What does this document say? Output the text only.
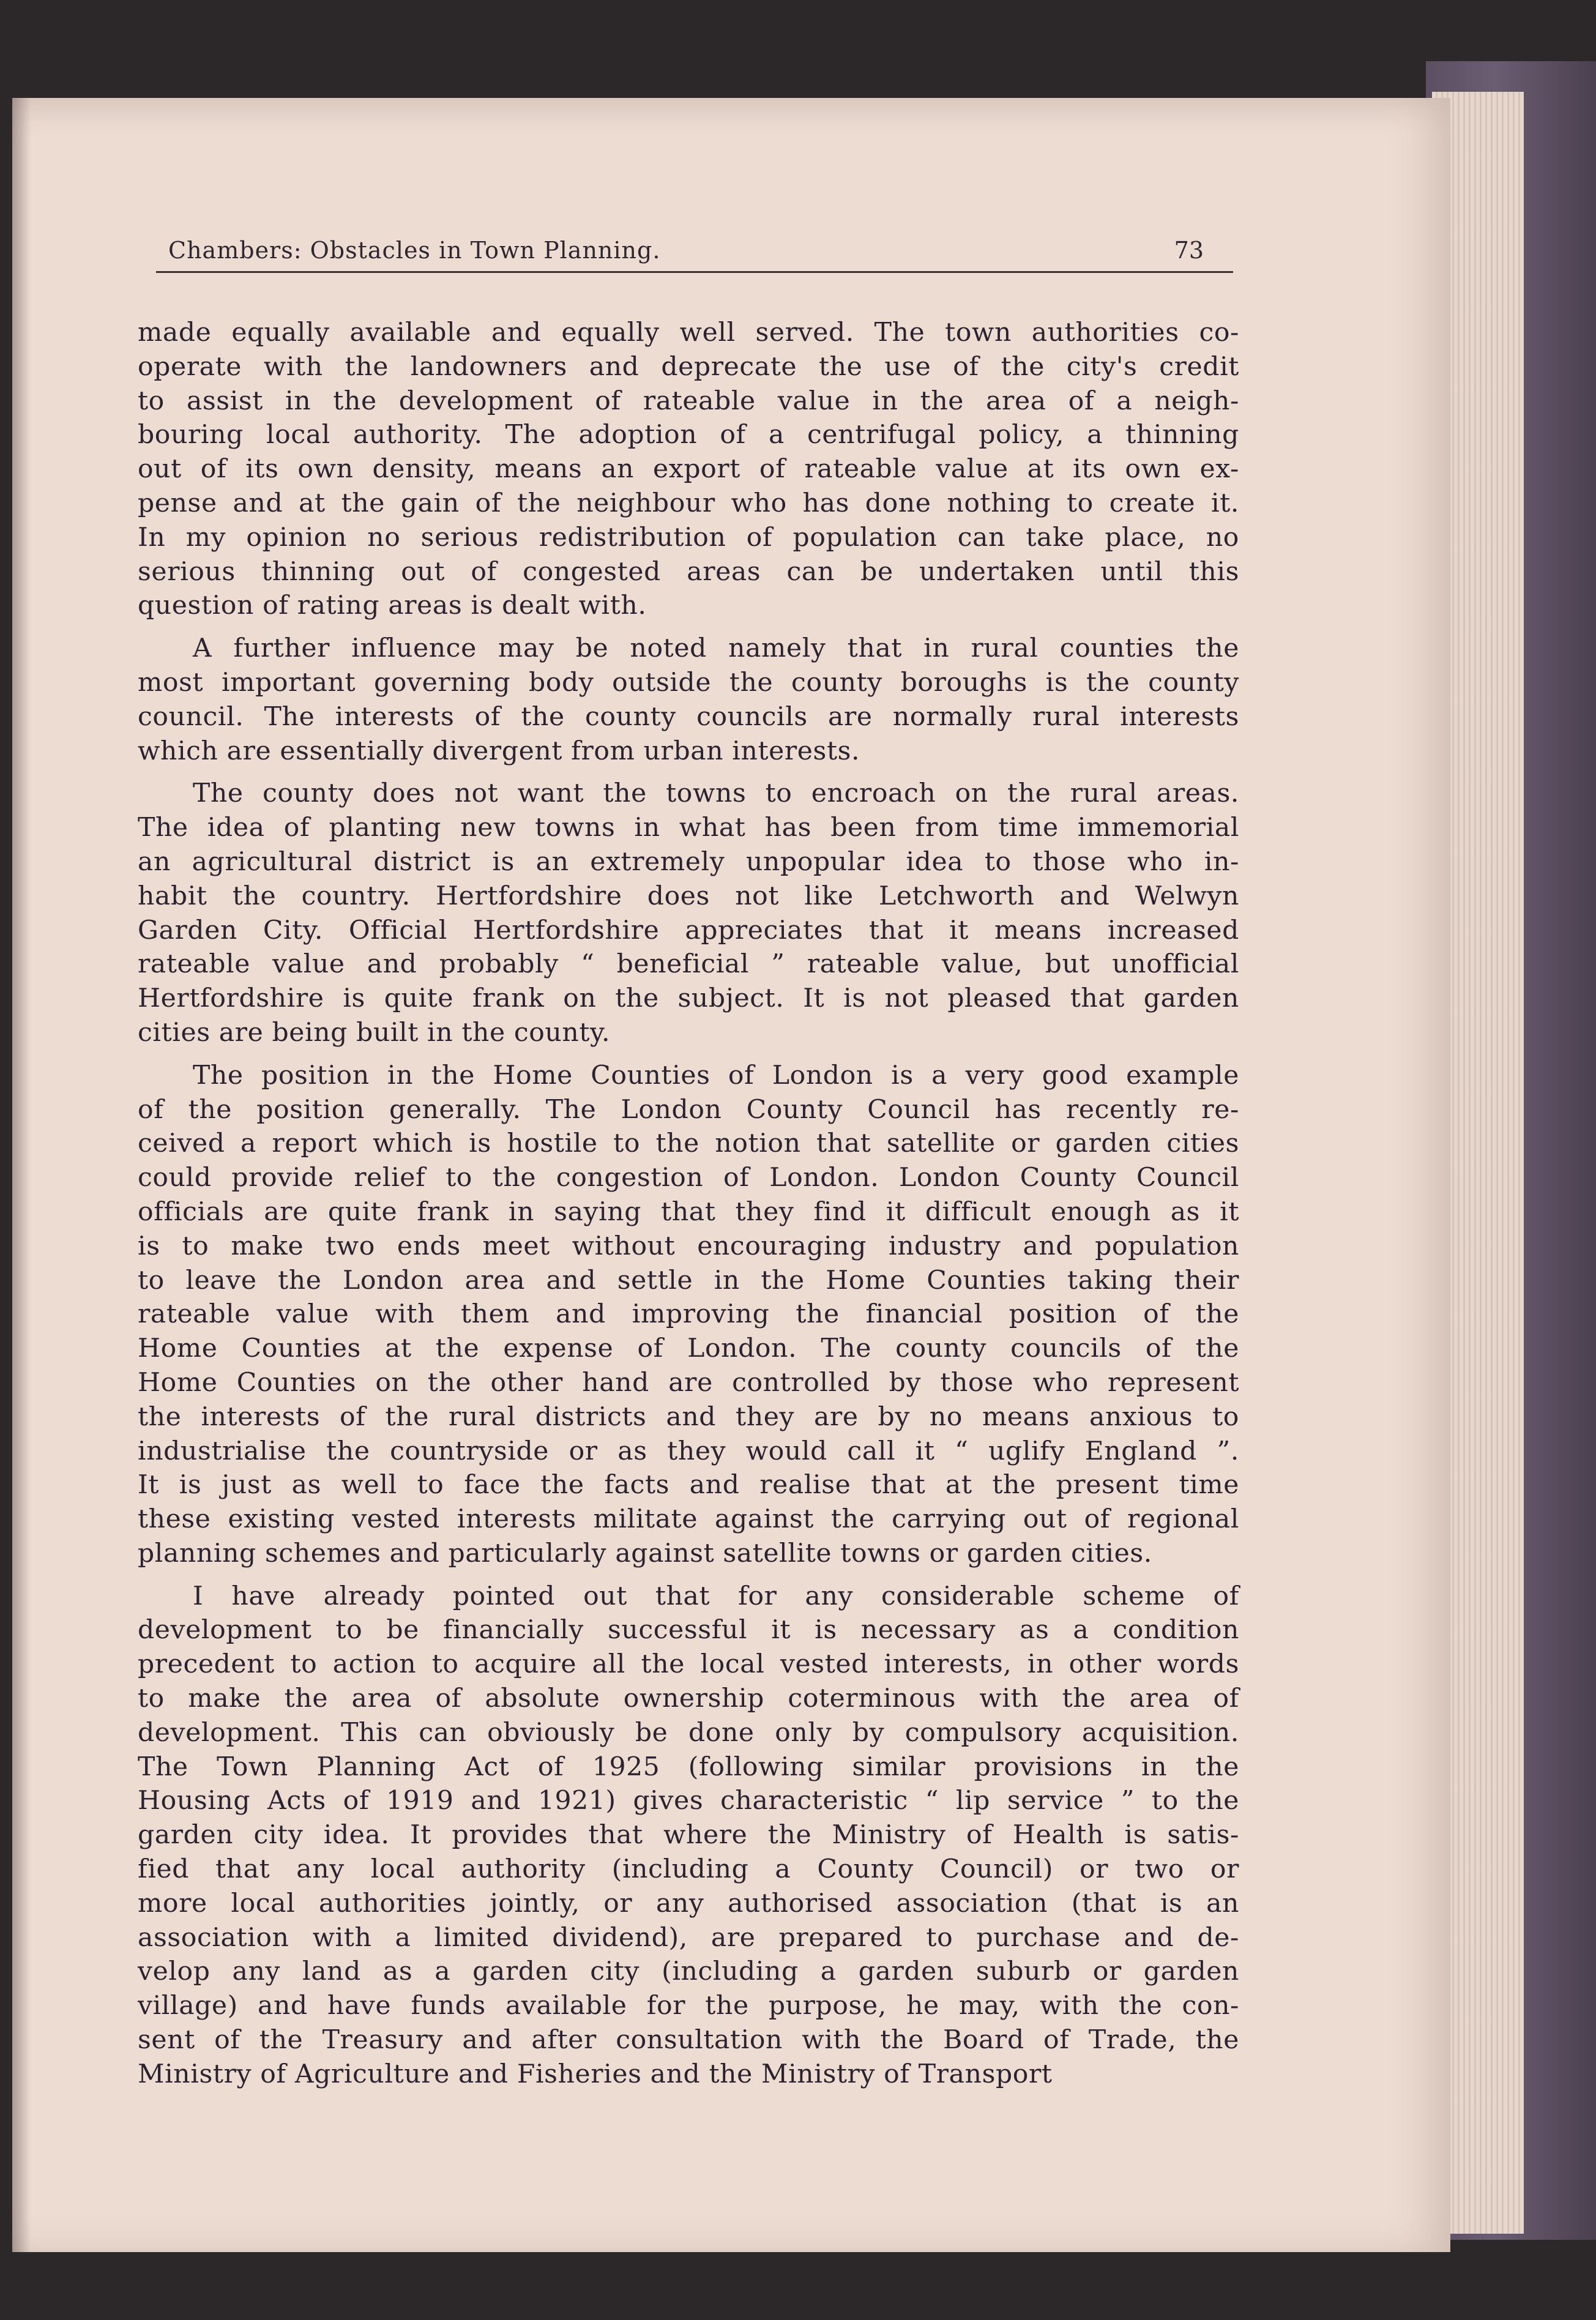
Chambers: Obstacles in Town Planning.	73

made equally available and equally well served. The town authorities co-
operate with the landowners and deprecate the use of the city's credit
to assist in the development of rateable value in the area of a neigh-
bouring local authority. The adoption of a centrifugal policy, a thinning
out of its own density, means an export of rateable value at its own ex-
pense and at the gain of the neighbour who has done nothing to create it.
In my opinion no serious redistribution of population can take place, no
serious thinning out of congested areas can be undertaken until this
question of rating areas is dealt with.

A further influence may be noted namely that in rural counties the
most important governing body outside the county boroughs is the county
council. The interests of the county councils are normally rural interests
which are essentially divergent from urban interests.

The county does not want the towns to encroach on the rural areas.
The idea of planting new towns in what has been from time immemorial
an agricultural district is an extremely unpopular idea to those who in-
habit the country. Hertfordshire does not like Letchworth and Welwyn
Garden City. Official Hertfordshire appreciates that it means increased
rateable value and probably “ beneficial ” rateable value, but unofficial
Hertfordshire is quite frank on the subject. It is not pleased that garden
cities are being built in the county.

The position in the Home Counties of London is a very good example
of the position generally. The London County Council has recently re-
ceived a report which is hostile to the notion that satellite or garden cities
could provide relief to the congestion of London. London County Council
officials are quite frank in saying that they find it difficult enough as it
is to make two ends meet without encouraging industry and population
to leave the London area and settle in the Home Counties taking their
rateable value with them and improving the financial position of the
Home Counties at the expense of London. The county councils of the
Home Counties on the other hand are controlled by those who represent
the interests of the rural districts and they are by no means anxious to
industrialise the countryside or as they would call it “ uglify England ”.
It is just as well to face the facts and realise that at the present time
these existing vested interests militate against the carrying out of regional
planning schemes and particularly against satellite towns or garden cities.

I have already pointed out that for any considerable scheme of
development to be financially successful it is necessary as a condition
precedent to action to acquire all the local vested interests, in other words
to make the area of absolute ownership coterminous with the area of
development. This can obviously be done only by compulsory acquisition.
The Town Planning Act of 1925 (following similar provisions in the
Housing Acts of 1919 and 1921) gives characteristic “ lip service ” to the
garden city idea. It provides that where the Ministry of Health is satis-
fied that any local authority (including a County Council) or two or
more local authorities jointly, or any authorised association (that is an
association with a limited dividend), are prepared to purchase and de-
velop any land as a garden city (including a garden suburb or garden
village) and have funds available for the purpose, he may, with the con-
sent of the Treasury and after consultation with the Board of Trade, the
Ministry of Agriculture and Fisheries and the Ministry of Transport
